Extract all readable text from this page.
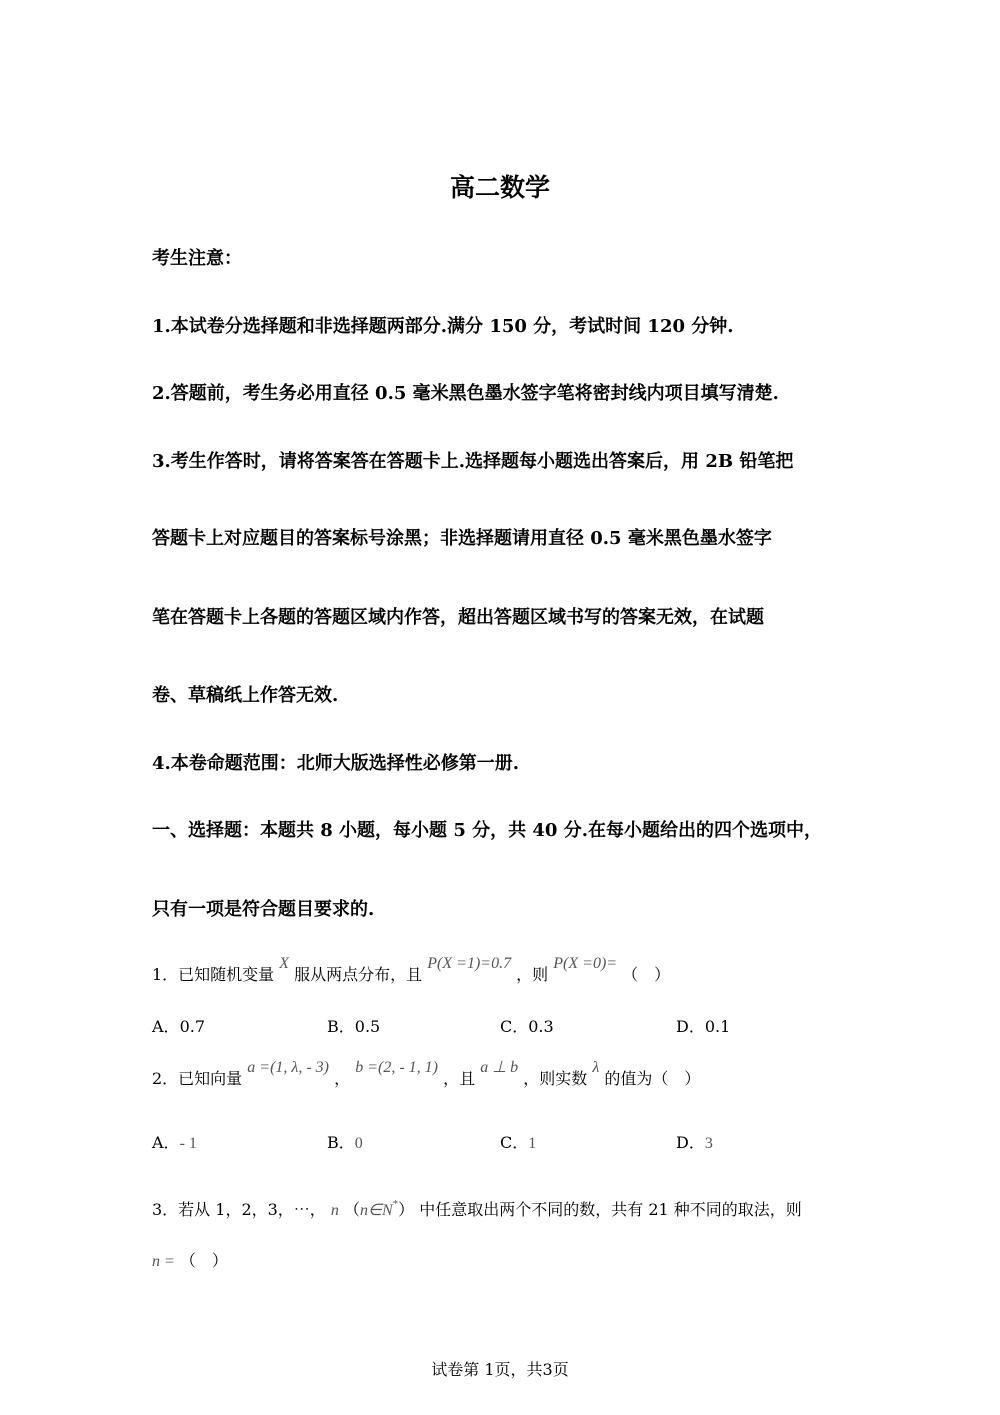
高二数学
考生注意：
1.本试卷分选择题和非选择题两部分.满分 150 分，考试时间 120 分钟.
2.答题前，考生务必用直径 0.5 毫米黑色墨水签字笔将密封线内项目填写清楚.
3.考生作答时，请将答案答在答题卡上.选择题每小题选出答案后，用 2B 铅笔把
答题卡上对应题目的答案标号涂黑；非选择题请用直径 0.5 毫米黑色墨水签字
笔在答题卡上各题的答题区域内作答，超出答题区域书写的答案无效，在试题
卷、草稿纸上作答无效.
4.本卷命题范围：北师大版选择性必修第一册.
一、选择题：本题共 8 小题，每小题 5 分，共 40 分.在每小题给出的四个选项中，
只有一项是符合题目要求的.
1．已知随机变量 X 服从两点分布，且 P(X =1)=0.7 ，则 P(X =0)= （　）
A．0.7	B．0.5	C．0.3	D．0.1
2．已知向量 a =(1, λ, - 3) ， b =(2, - 1, 1) ，且 a ⊥ b ，则实数 λ 的值为（　）
A．- 1	B．0	C．1	D．3
3．若从 1，2，3，⋯， n （n∈N*） 中任意取出两个不同的数，共有 21 种不同的取法，则
n = （　）
试卷第 1页，共3页
